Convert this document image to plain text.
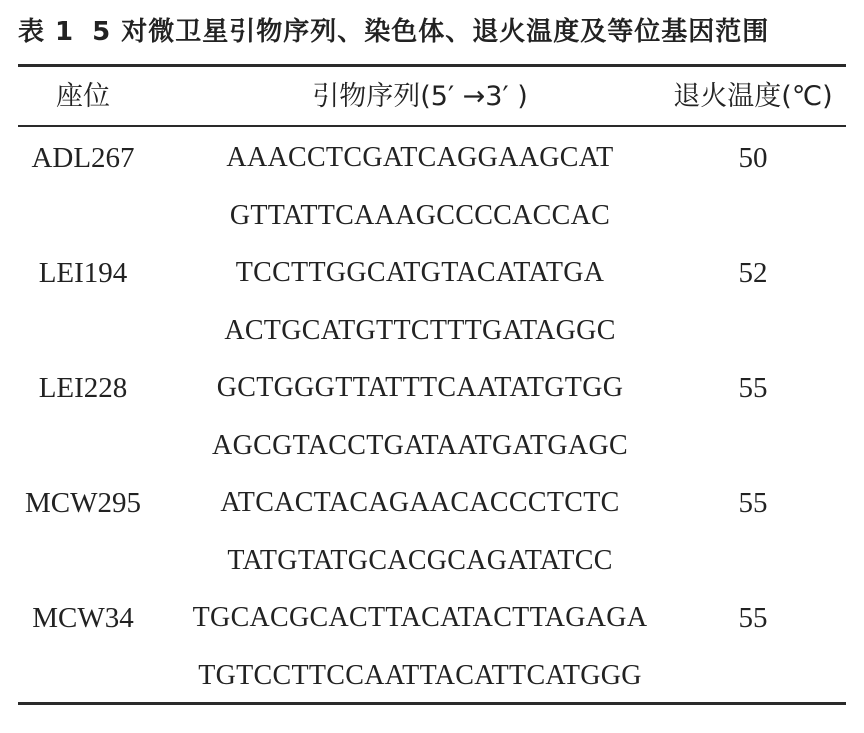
表 1 5 对微卫星引物序列、染色体、退火温度及等位基因范围
座位	引物序列(5′ →3′ )	退火温度(℃)
ADL267	AAACCTCGATCAGGAAGCAT	50
GTTATTCAAAGCCCCACCAC
LEI194	TCCTTGGCATGTACATATGA	52
ACTGCATGTTCTTTGATAGGC
LEI228	GCTGGGTTATTTCAATATGTGG	55
AGCGTACCTGATAATGATGAGC
MCW295	ATCACTACAGAACACCCTCTC	55
TATGTATGCACGCAGATATCC
MCW34	TGCACGCACTTACATACTTAGAGA	55
TGTCCTTCCAATTACATTCATGGG
